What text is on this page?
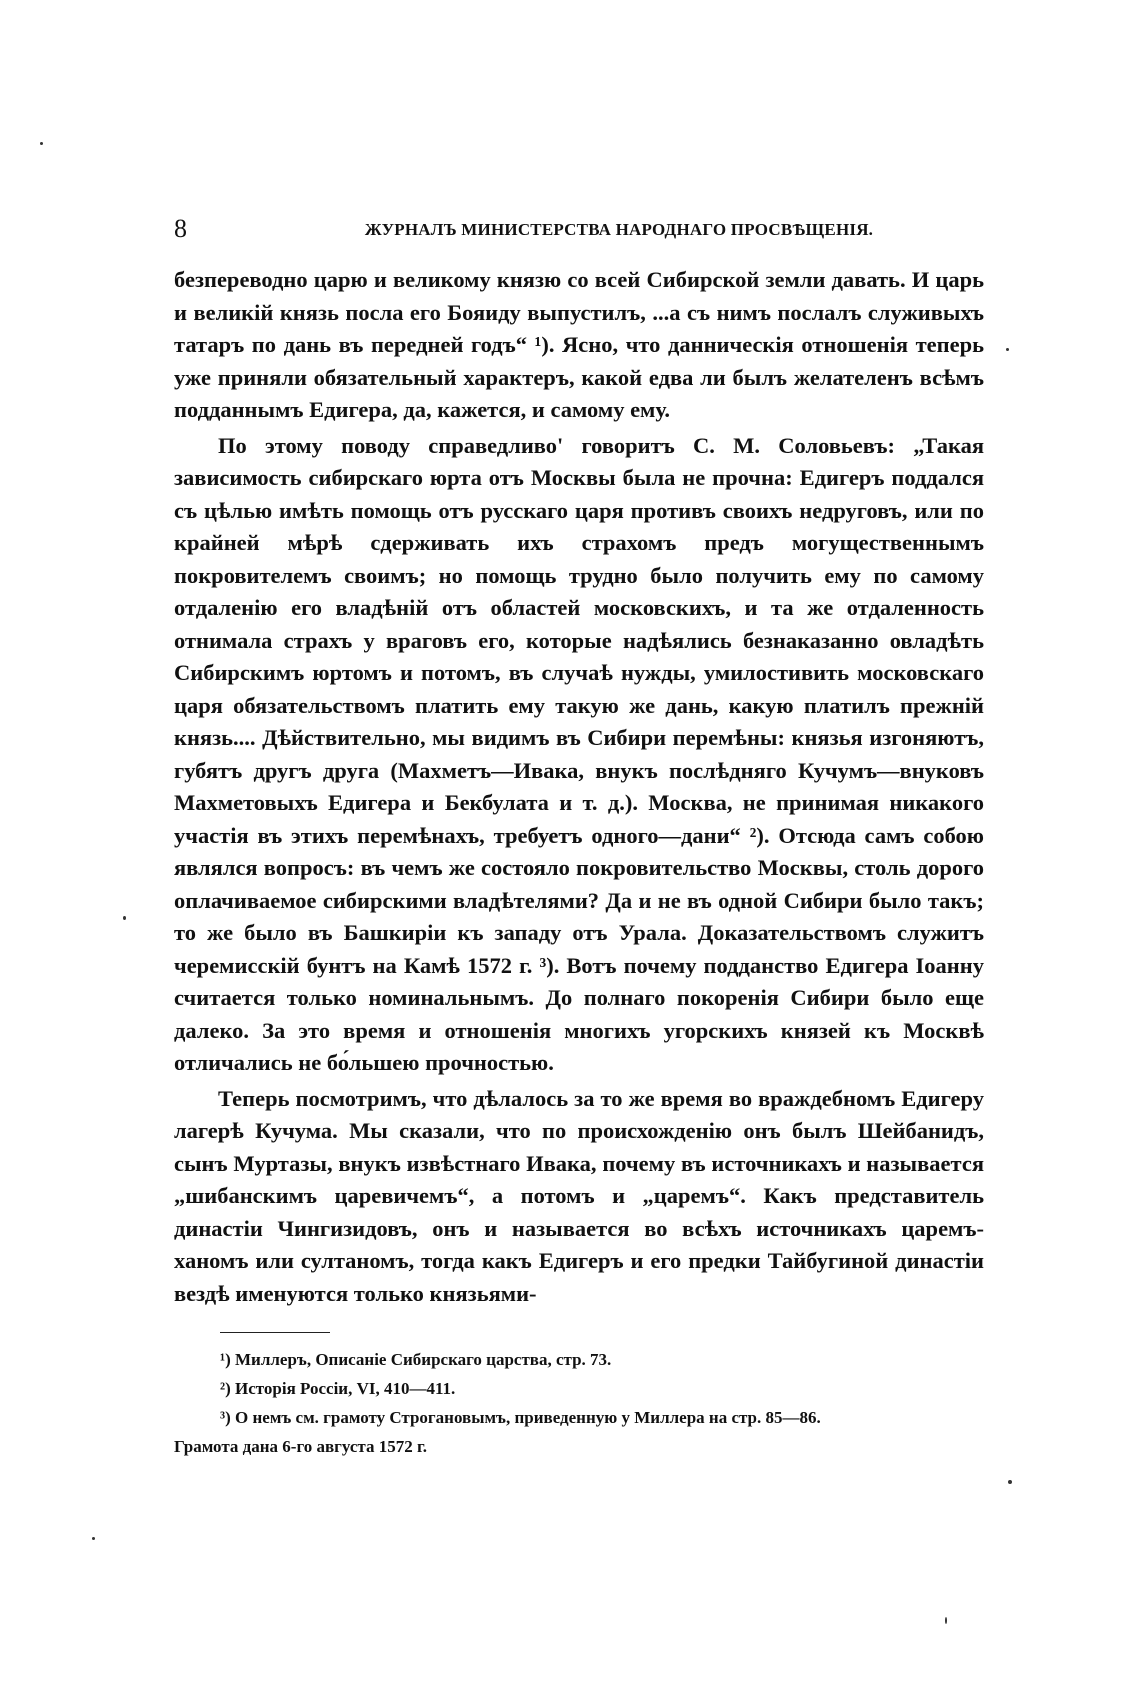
8	ЖУРНАЛЪ МИНИСТЕРСТВА НАРОДНАГО ПРОСВѢЩЕНІЯ.

безпереводно царю и великому князю со всей Сибирской земли давать. И царь и великій князь посла его Бояиду выпустилъ, ...а съ нимъ послалъ служивыхъ татаръ по дань въ передней годъ“ ¹). Ясно, что данническія отношенія теперь уже приняли обязательный характеръ, какой едва ли былъ желателенъ всѣмъ подданнымъ Едигера, да, кажется, и самому ему.

По этому поводу справедливо' говоритъ С. М. Соловьевъ: „Такая зависимость сибирскаго юрта отъ Москвы была не прочна: Едигеръ поддался съ цѣлью имѣть помощь отъ русскаго царя противъ своихъ недруговъ, или по крайней мѣрѣ сдерживать ихъ страхомъ предъ могущественнымъ покровителемъ своимъ; но помощь трудно было получить ему по самому отдаленію его владѣній отъ областей московскихъ, и та же отдаленность отнимала страхъ у враговъ его, которые надѣялись безнаказанно овладѣть Сибирскимъ юртомъ и потомъ, въ случаѣ нужды, умилостивить московскаго царя обязательствомъ платить ему такую же дань, какую платилъ прежній князь.... Дѣйствительно, мы видимъ въ Сибири перемѣны: князья изгоняютъ, губятъ другъ друга (Махметъ—Ивака, внукъ послѣдняго Кучумъ—внуковъ Махметовыхъ Едигера и Бекбулата и т. д.). Москва, не принимая никакого участія въ этихъ перемѣнахъ, требуетъ одного—дани“ ²). Отсюда самъ собою являлся вопросъ: въ чемъ же состояло покровительство Москвы, столь дорого оплачиваемое сибирскими владѣтелями? Да и не въ одной Сибири было такъ; то же было въ Башкиріи къ западу отъ Урала. Доказательствомъ служитъ черемисскій бунтъ на Камѣ 1572 г. ³). Вотъ почему подданство Едигера Іоанну считается только номинальнымъ. До полнаго покоренія Сибири было еще далеко. За это время и отношенія многихъ угорскихъ князей къ Москвѣ отличались не бо́льшею прочностью.

Теперь посмотримъ, что дѣлалось за то же время во враждебномъ Едигеру лагерѣ Кучума. Мы сказали, что по происхожденію онъ былъ Шейбанидъ, сынъ Муртазы, внукъ извѣстнаго Ивака, почему въ источникахъ и называется „шибанскимъ царевичемъ“, а потомъ и „царемъ“. Какъ представитель династіи Чингизидовъ, онъ и называется во всѣхъ источникахъ царемъ-ханомъ или султаномъ, тогда какъ Едигеръ и его предки Тайбугиной династіи вездѣ именуются только князьями-

¹) Миллеръ, Описаніе Сибирскаго царства, стр. 73.

²) Исторія Россіи, VI, 410—411.

³) О немъ см. грамоту Строгановымъ, приведенную у Миллера на стр. 85—86.

Грамота дана 6-го августа 1572 г.
